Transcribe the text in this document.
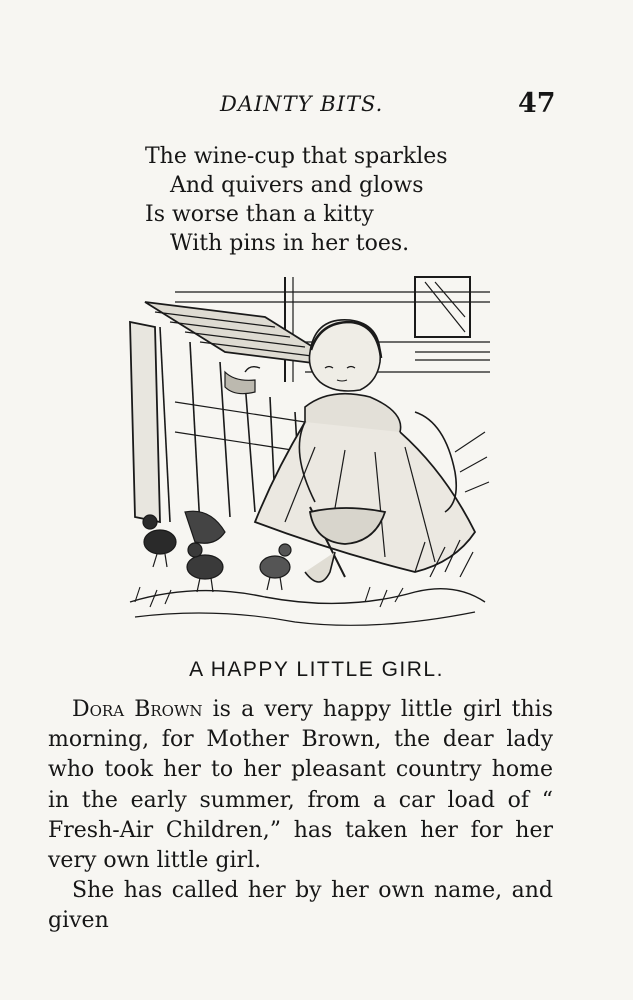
DAINTY BITS.	47
The wine-cup that sparkles
And quivers and glows
Is worse than a kitty
With pins in her toes.
A HAPPY LITTLE GIRL.

Dora Brown is a very happy little girl this morning, for Mother Brown, the dear lady who took her to her pleasant country home in the early summer, from a car load of “ Fresh-Air Children,” has taken her for her very own little girl.

She has called her by her own name, and given
